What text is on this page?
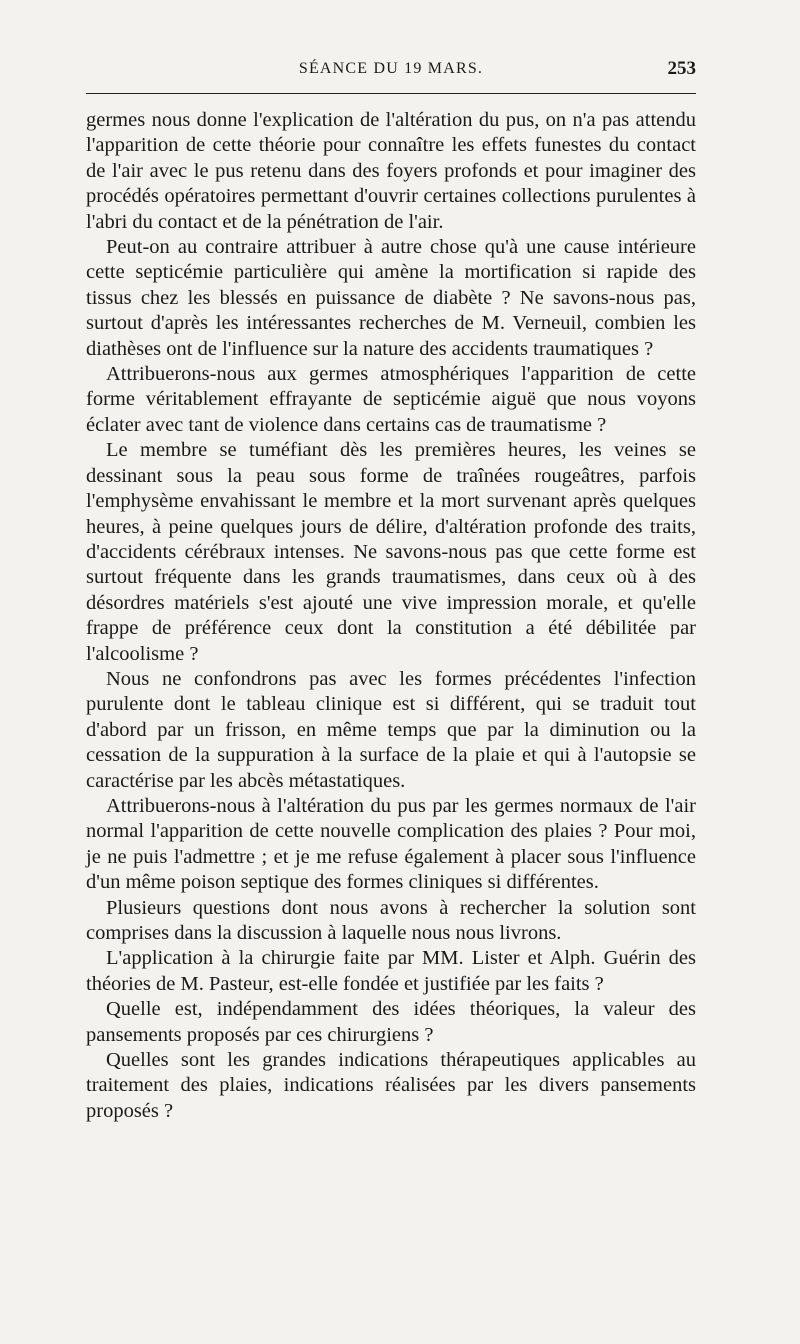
SÉANCE DU 19 MARS.	253

germes nous donne l'explication de l'altération du pus, on n'a pas attendu l'apparition de cette théorie pour connaître les effets funestes du contact de l'air avec le pus retenu dans des foyers profonds et pour imaginer des procédés opératoires permettant d'ouvrir certaines collections purulentes à l'abri du contact et de la pénétration de l'air.

Peut-on au contraire attribuer à autre chose qu'à une cause intérieure cette septicémie particulière qui amène la mortification si rapide des tissus chez les blessés en puissance de diabète ? Ne savons-nous pas, surtout d'après les intéressantes recherches de M. Verneuil, combien les diathèses ont de l'influence sur la nature des accidents traumatiques ?

Attribuerons-nous aux germes atmosphériques l'apparition de cette forme véritablement effrayante de septicémie aiguë que nous voyons éclater avec tant de violence dans certains cas de traumatisme ?

Le membre se tuméfiant dès les premières heures, les veines se dessinant sous la peau sous forme de traînées rougeâtres, parfois l'emphysème envahissant le membre et la mort survenant après quelques heures, à peine quelques jours de délire, d'altération profonde des traits, d'accidents cérébraux intenses. Ne savons-nous pas que cette forme est surtout fréquente dans les grands traumatismes, dans ceux où à des désordres matériels s'est ajouté une vive impression morale, et qu'elle frappe de préférence ceux dont la constitution a été débilitée par l'alcoolisme ?

Nous ne confondrons pas avec les formes précédentes l'infection purulente dont le tableau clinique est si différent, qui se traduit tout d'abord par un frisson, en même temps que par la diminution ou la cessation de la suppuration à la surface de la plaie et qui à l'autopsie se caractérise par les abcès métastatiques.

Attribuerons-nous à l'altération du pus par les germes normaux de l'air normal l'apparition de cette nouvelle complication des plaies ? Pour moi, je ne puis l'admettre ; et je me refuse également à placer sous l'influence d'un même poison septique des formes cliniques si différentes.

Plusieurs questions dont nous avons à rechercher la solution sont comprises dans la discussion à laquelle nous nous livrons.

L'application à la chirurgie faite par MM. Lister et Alph. Guérin des théories de M. Pasteur, est-elle fondée et justifiée par les faits ?

Quelle est, indépendamment des idées théoriques, la valeur des pansements proposés par ces chirurgiens ?

Quelles sont les grandes indications thérapeutiques applicables au traitement des plaies, indications réalisées par les divers pansements proposés ?
